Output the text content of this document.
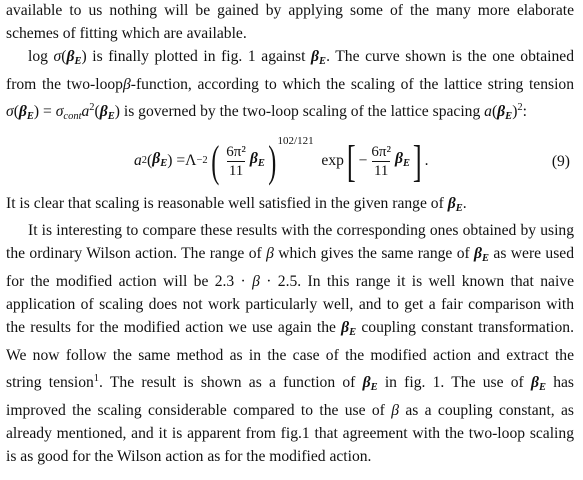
available to us nothing will be gained by applying some of the many more elaborate schemes of fitting which are available.

$\log \sigma(\beta_E)$ is finally plotted in fig. 1 against $\beta_E$. The curve shown is the one obtained from the two-loopβ-function, according to which the scaling of the lattice string tension $\sigma(\beta_E) = \sigma_{cont}a^2(\beta_E)$ is governed by the two-loop scaling of the lattice spacing $a(\beta_E)^2$:

a 2 ( $\beta_E$ ) = Λ −2 ( $\frac{\text{6π²}}{11} \beta_E$ ) 102/121

exp [ − $\frac{\text{6π²}}{11} \beta_E$ ] .	(9)

It is clear that scaling is reasonable well satisfied in the given range of $\beta_E$.

It is interesting to compare these results with the corresponding ones obtained by using the ordinary Wilson action. The range of β which gives the same range of $\beta_E$ as were used for the modified action will be 2.3 · β · 2.5. In this range it is well known that naive application of scaling does not work particularly well, and to get a fair comparison with the results for the modified action we use again the $\beta_E$ coupling constant transformation. We now follow the same method as in the case of the modified action and extract the string tension$^1$. The result is shown as a function of $\beta_E$ in fig. 1. The use of $\beta_E$ has improved the scaling considerable compared to the use of β as a coupling constant, as already mentioned, and it is apparent from fig.1 that agreement with the two-loop scaling is as good for the Wilson action as for the modified action.
